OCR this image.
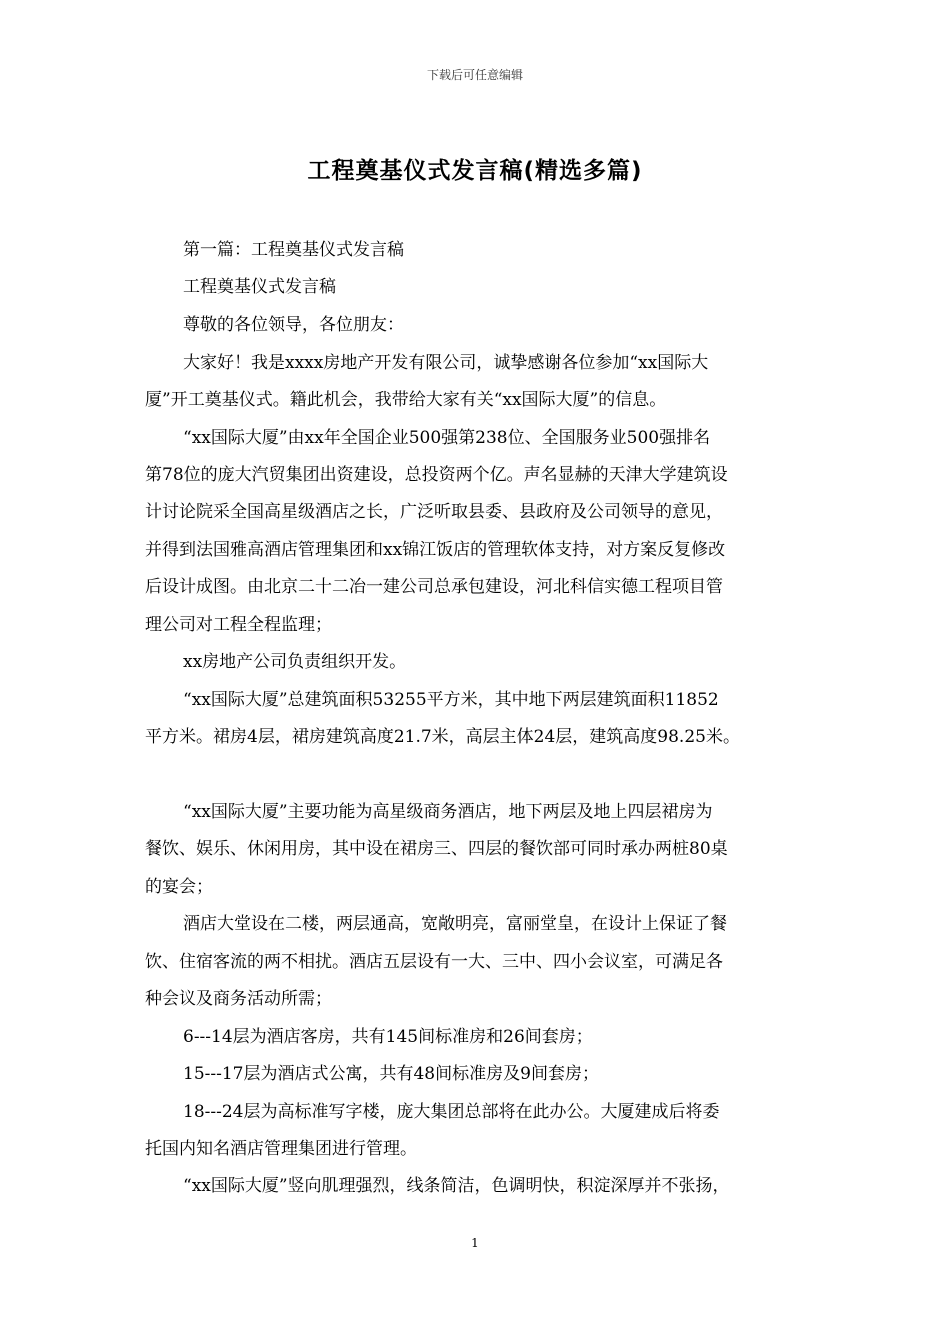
下载后可任意编辑
工程奠基仪式发言稿(精选多篇)
第一篇：工程奠基仪式发言稿
工程奠基仪式发言稿
尊敬的各位领导，各位朋友：
大家好！我是xxxx房地产开发有限公司，诚挚感谢各位参加“xx国际大
厦”开工奠基仪式。籍此机会，我带给大家有关“xx国际大厦”的信息。
“xx国际大厦”由xx年全国企业500强第238位、全国服务业500强排名
第78位的庞大汽贸集团出资建设，总投资两个亿。声名显赫的天津大学建筑设
计讨论院采全国高星级酒店之长，广泛听取县委、县政府及公司领导的意见，
并得到法国雅高酒店管理集团和xx锦江饭店的管理软体支持，对方案反复修改
后设计成图。由北京二十二冶一建公司总承包建设，河北科信实德工程项目管
理公司对工程全程监理；
xx房地产公司负责组织开发。
“xx国际大厦”总建筑面积53255平方米，其中地下两层建筑面积11852
平方米。裙房4层，裙房建筑高度21.7米，高层主体24层，建筑高度98.25米。
“xx国际大厦”主要功能为高星级商务酒店，地下两层及地上四层裙房为
餐饮、娱乐、休闲用房，其中设在裙房三、四层的餐饮部可同时承办两桩80桌
的宴会；
酒店大堂设在二楼，两层通高，宽敞明亮，富丽堂皇，在设计上保证了餐
饮、住宿客流的两不相扰。酒店五层设有一大、三中、四小会议室，可满足各
种会议及商务活动所需；
6---14层为酒店客房，共有145间标准房和26间套房；
15---17层为酒店式公寓，共有48间标准房及9间套房；
18---24层为高标准写字楼，庞大集团总部将在此办公。大厦建成后将委
托国内知名酒店管理集团进行管理。
“xx国际大厦”竖向肌理强烈，线条简洁，色调明快，积淀深厚并不张扬，
1
